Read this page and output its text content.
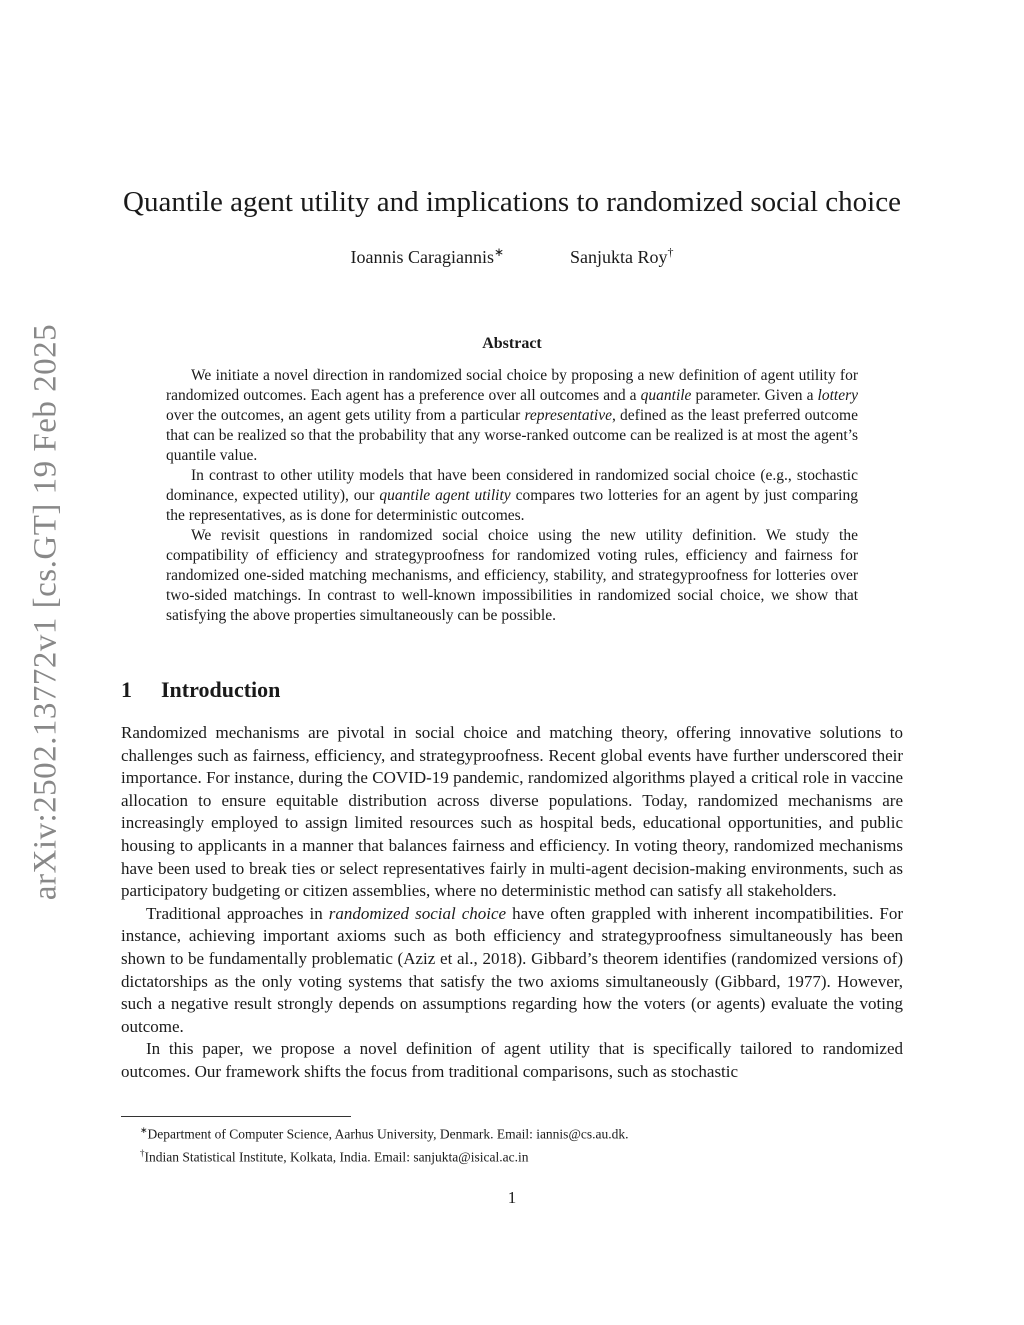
arXiv:2502.13772v1 [cs.GT] 19 Feb 2025
Quantile agent utility and implications to randomized social choice
Ioannis Caragiannis∗	Sanjukta Roy†
Abstract

We initiate a novel direction in randomized social choice by proposing a new definition of agent utility for randomized outcomes. Each agent has a preference over all outcomes and a quantile parameter. Given a lottery over the outcomes, an agent gets utility from a particular representative, defined as the least preferred outcome that can be realized so that the probability that any worse-ranked outcome can be realized is at most the agent’s quantile value.

In contrast to other utility models that have been considered in randomized social choice (e.g., stochastic dominance, expected utility), our quantile agent utility compares two lotteries for an agent by just comparing the representatives, as is done for deterministic outcomes.

We revisit questions in randomized social choice using the new utility definition. We study the compatibility of efficiency and strategyproofness for randomized voting rules, efficiency and fairness for randomized one-sided matching mechanisms, and efficiency, stability, and strategyproofness for lotteries over two-sided matchings. In contrast to well-known impossibilities in randomized social choice, we show that satisfying the above properties simultaneously can be possible.

1 Introduction

Randomized mechanisms are pivotal in social choice and matching theory, offering innovative solutions to challenges such as fairness, efficiency, and strategyproofness. Recent global events have further underscored their importance. For instance, during the COVID-19 pandemic, randomized algorithms played a critical role in vaccine allocation to ensure equitable distribution across diverse populations. Today, randomized mechanisms are increasingly employed to assign limited resources such as hospital beds, educational opportunities, and public housing to applicants in a manner that balances fairness and efficiency. In voting theory, randomized mechanisms have been used to break ties or select representatives fairly in multi-agent decision-making environments, such as participatory budgeting or citizen assemblies, where no deterministic method can satisfy all stakeholders.

Traditional approaches in randomized social choice have often grappled with inherent incompatibilities. For instance, achieving important axioms such as both efficiency and strategyproofness simultaneously has been shown to be fundamentally problematic (Aziz et al., 2018). Gibbard’s theorem identifies (randomized versions of) dictatorships as the only voting systems that satisfy the two axioms simultaneously (Gibbard, 1977). However, such a negative result strongly depends on assumptions regarding how the voters (or agents) evaluate the voting outcome.

In this paper, we propose a novel definition of agent utility that is specifically tailored to randomized outcomes. Our framework shifts the focus from traditional comparisons, such as stochastic

∗Department of Computer Science, Aarhus University, Denmark. Email: iannis@cs.au.dk.
†Indian Statistical Institute, Kolkata, India. Email: sanjukta@isical.ac.in
1
